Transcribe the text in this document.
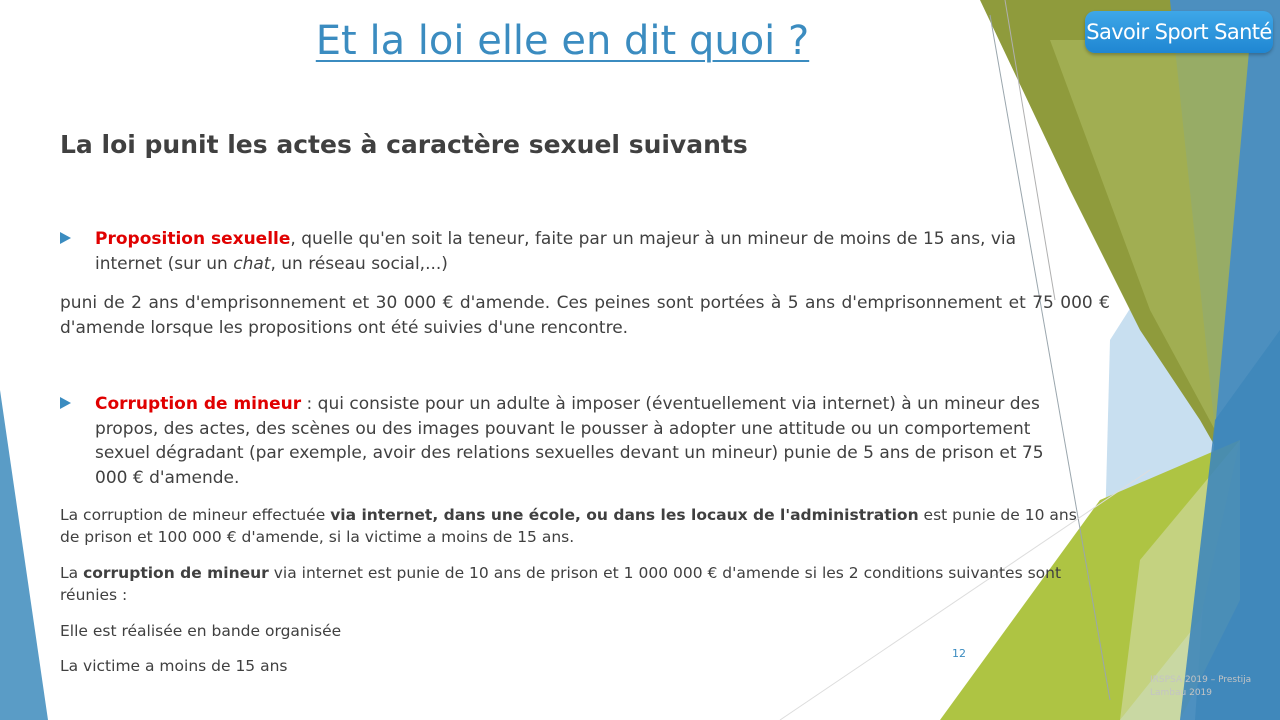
Et la loi elle en dit quoi ?	Savoir Sport Santé
La loi punit les actes à caractère sexuel suivants
Proposition sexuelle, quelle qu'en soit la teneur, faite par un majeur à un mineur de moins de 15 ans, via internet (sur un chat, un réseau social,...)
puni de 2 ans d'emprisonnement et 30 000 € d'amende. Ces peines sont portées à 5 ans d'emprisonnement et 75 000 € d'amende lorsque les propositions ont été suivies d'une rencontre.
Corruption de mineur : qui consiste pour un adulte à imposer (éventuellement via internet) à un mineur des propos, des actes, des scènes ou des images pouvant le pousser à adopter une attitude ou un comportement sexuel dégradant (par exemple, avoir des relations sexuelles devant un mineur) punie de 5 ans de prison et 75 000 € d'amende.
La corruption de mineur effectuée via internet, dans une école, ou dans les locaux de l'administration est punie de 10 ans de prison et 100 000 € d'amende, si la victime a moins de 15 ans.
La corruption de mineur via internet est punie de 10 ans de prison et 1 000 000 € d'amende si les 2 conditions suivantes sont réunies :
Elle est réalisée en bande organisée
La victime a moins de 15 ans
12
IRSPSA 2019 – Prestija Lambau 2019
